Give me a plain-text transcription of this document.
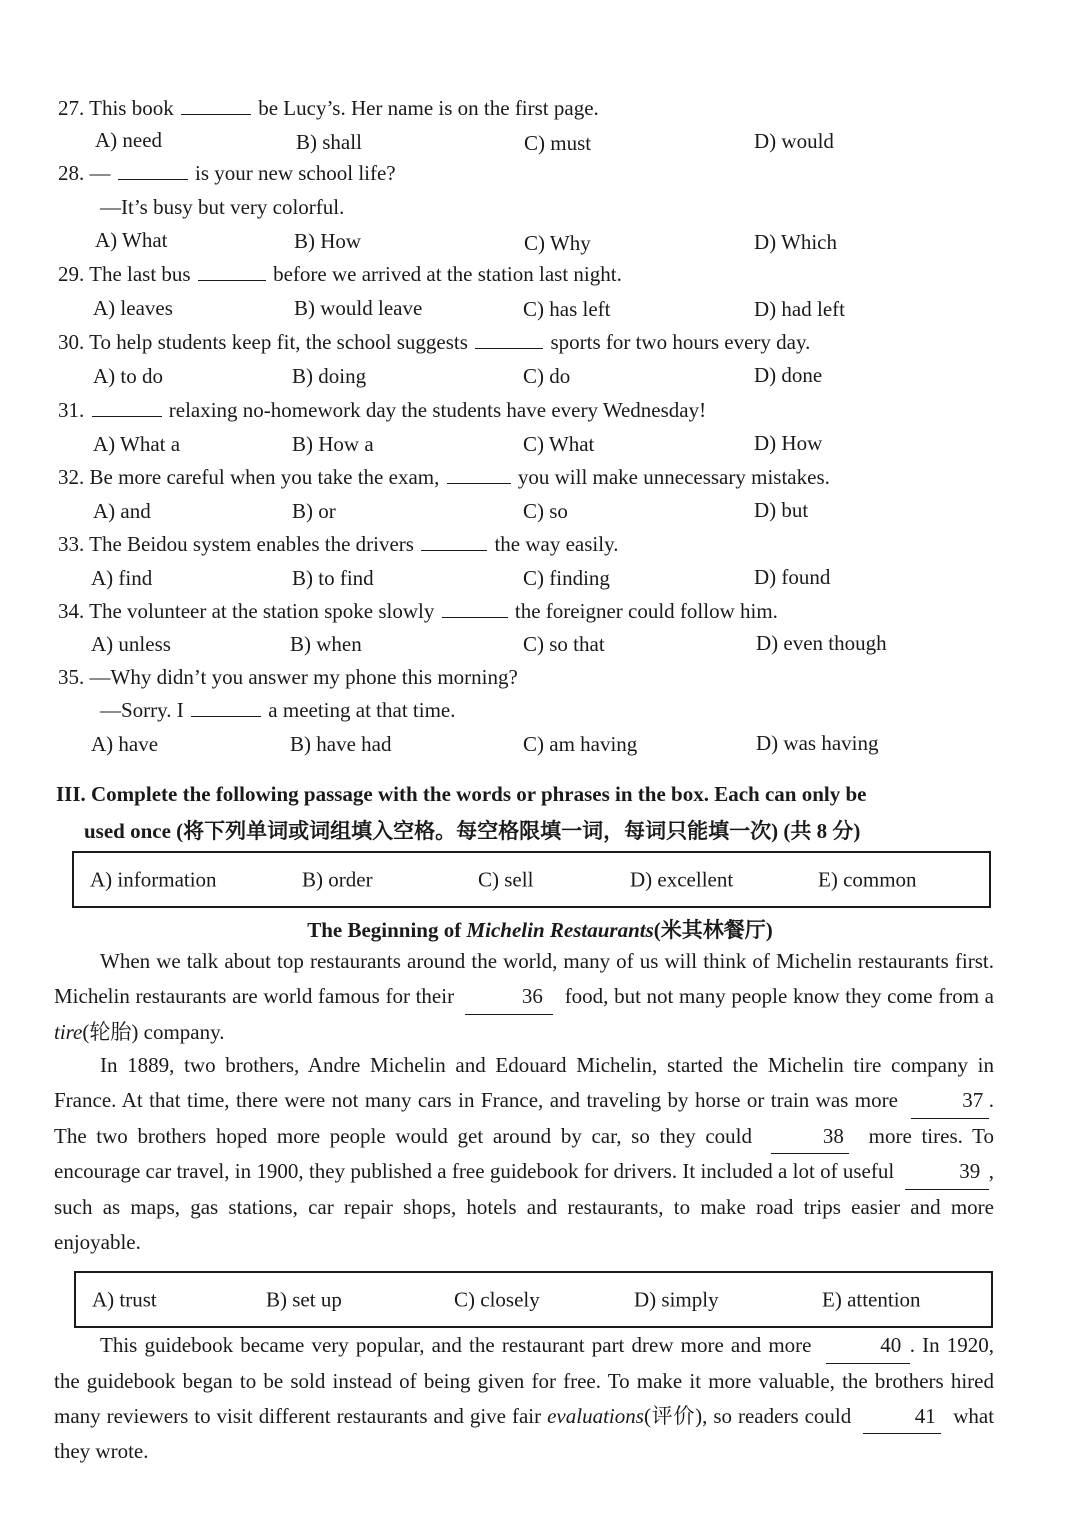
27. This book	be Lucy’s. Her name is on the first page.
A) need	B) shall	C) must	D) would
28. —	is your new school life?
—It’s busy but very colorful.
A) What	B) How	C) Why	D) Which
29. The last bus	before we arrived at the station last night.
A) leaves	B) would leave	C) has left	D) had left
30. To help students keep fit, the school suggests	sports for two hours every day.
A) to do	B) doing	C) do	D) done
31.	relaxing no-homework day the students have every Wednesday!
A) What a	B) How a	C) What	D) How
32. Be more careful when you take the exam,	you will make unnecessary mistakes.
A) and	B) or	C) so	D) but
33. The Beidou system enables the drivers	the way easily.
A) find	B) to find	C) finding	D) found
34. The volunteer at the station spoke slowly	the foreigner could follow him.
A) unless	B) when	C) so that	D) even though
35. —Why didn’t you answer my phone this morning?
—Sorry. I	a meeting at that time.
A) have	B) have had	C) am having	D) was having
III. Complete the following passage with the words or phrases in the box. Each can only be
used once (将下列单词或词组填入空格。每空格限填一词，每词只能填一次) (共 8 分)
A) information	B) order	C) sell	D) excellent	E) common
The Beginning of Michelin Restaurants(米其林餐厅)

When we talk about top restaurants around the world, many of us will think of Michelin restaurants first. Michelin restaurants are world famous for their	36 food, but not many people know they come from a tire(轮胎) company.

In 1889, two brothers, Andre Michelin and Edouard Michelin, started the Michelin tire company in France. At that time, there were not many cars in France, and traveling by horse or train was more	37 . The two brothers hoped more people would get around by car, so they could	38 more tires. To encourage car travel, in 1900, they published a free guidebook for drivers. It included a lot of useful	39 , such as maps, gas stations, car repair shops, hotels and restaurants, to make road trips easier and more enjoyable.

A) trust	B) set up	C) closely	D) simply	E) attention

This guidebook became very popular, and the restaurant part drew more and more	40 . In 1920, the guidebook began to be sold instead of being given for free. To make it more valuable, the brothers hired many reviewers to visit different restaurants and give fair evaluations(评价), so readers could	41 what they wrote.
